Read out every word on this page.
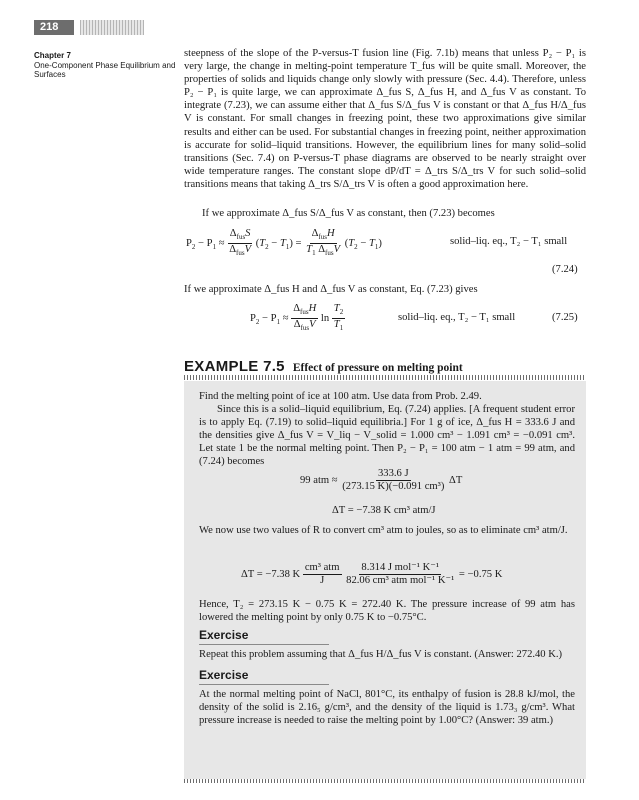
218
Chapter 7
One-Component Phase Equilibrium and Surfaces

steepness of the slope of the P-versus-T fusion line (Fig. 7.1b) means that unless P₂ − P₁ is very large, the change in melting-point temperature T_fus will be quite small. Moreover, the properties of solids and liquids change only slowly with pressure (Sec. 4.4). Therefore, unless P₂ − P₁ is quite large, we can approximate Δ_fus S, Δ_fus H, and Δ_fus V as constant. To integrate (7.23), we can assume either that Δ_fus S/Δ_fus V is constant or that Δ_fus H/Δ_fus V is constant. For small changes in freezing point, these two approximations give similar results and either can be used. For substantial changes in freezing point, neither approximation is accurate for solid–liquid transitions. However, the equilibrium lines for many solid–solid transitions (Sec. 7.4) on P-versus-T phase diagrams are observed to be nearly straight over wide temperature ranges. The constant slope dP/dT = Δ_trs S/Δ_trs V for such solid–solid transitions means that taking Δ_trs S/Δ_trs V is often a good approximation here.

If we approximate Δ_fus S/Δ_fus V as constant, then (7.23) becomes

$P_2 - P_1 \approx \frac{\Delta_{fus}S}{\Delta_{fus}V} (T_2 - T_1) = \frac{\Delta_{fus}H}{T_1 \Delta_{fus}V} (T_2 - T_1)$	solid–liq. eq., T₂ − T₁ small
(7.24)

If we approximate Δ_fus H and Δ_fus V as constant, Eq. (7.23) gives

$P_2 - P_1 \approx \frac{\Delta_{fus}H}{\Delta_{fus}V}$ $\ln \frac{T_2}{T_1}$	solid–liq. eq., T₂ − T₁ small	(7.25)
EXAMPLE 7.5 Effect of pressure on melting point

Find the melting point of ice at 100 atm. Use data from Prob. 2.49.

Since this is a solid–liquid equilibrium, Eq. (7.24) applies. [A frequent student error is to apply Eq. (7.19) to solid–liquid equilibria.] For 1 g of ice, Δ_fus H = 333.6 J and the densities give Δ_fus V = V_liq − V_solid = 1.000 cm³ − 1.091 cm³ = −0.091 cm³. Let state 1 be the normal melting point. Then P₂ − P₁ = 100 atm − 1 atm = 99 atm, and (7.24) becomes

99 atm ≈ $\frac{333.6 J}{\text{(273.15 K)(−0.091 cm³)}}$ ΔT
ΔT = −7.38 K cm³ atm/J

We now use two values of R to convert cm³ atm to joules, so as to eliminate cm³ atm/J.

ΔT = −7.38 K $\frac{\text{cm³ atm}}{J}$
$\frac{\text{8.314 J mol⁻¹ K⁻¹}}{\text{82.06 cm³ atm mol⁻¹ K⁻¹}} = -0.75$ K

Hence, T₂ = 273.15 K − 0.75 K = 272.40 K. The pressure increase of 99 atm has lowered the melting point by only 0.75 K to −0.75°C.

Exercise

Repeat this problem assuming that Δ_fus H/Δ_fus V is constant. (Answer: 272.40 K.)

Exercise

At the normal melting point of NaCl, 801°C, its enthalpy of fusion is 28.8 kJ/mol, the density of the solid is 2.16₅ g/cm³, and the density of the liquid is 1.73₃ g/cm³. What pressure increase is needed to raise the melting point by 1.00°C? (Answer: 39 atm.)
